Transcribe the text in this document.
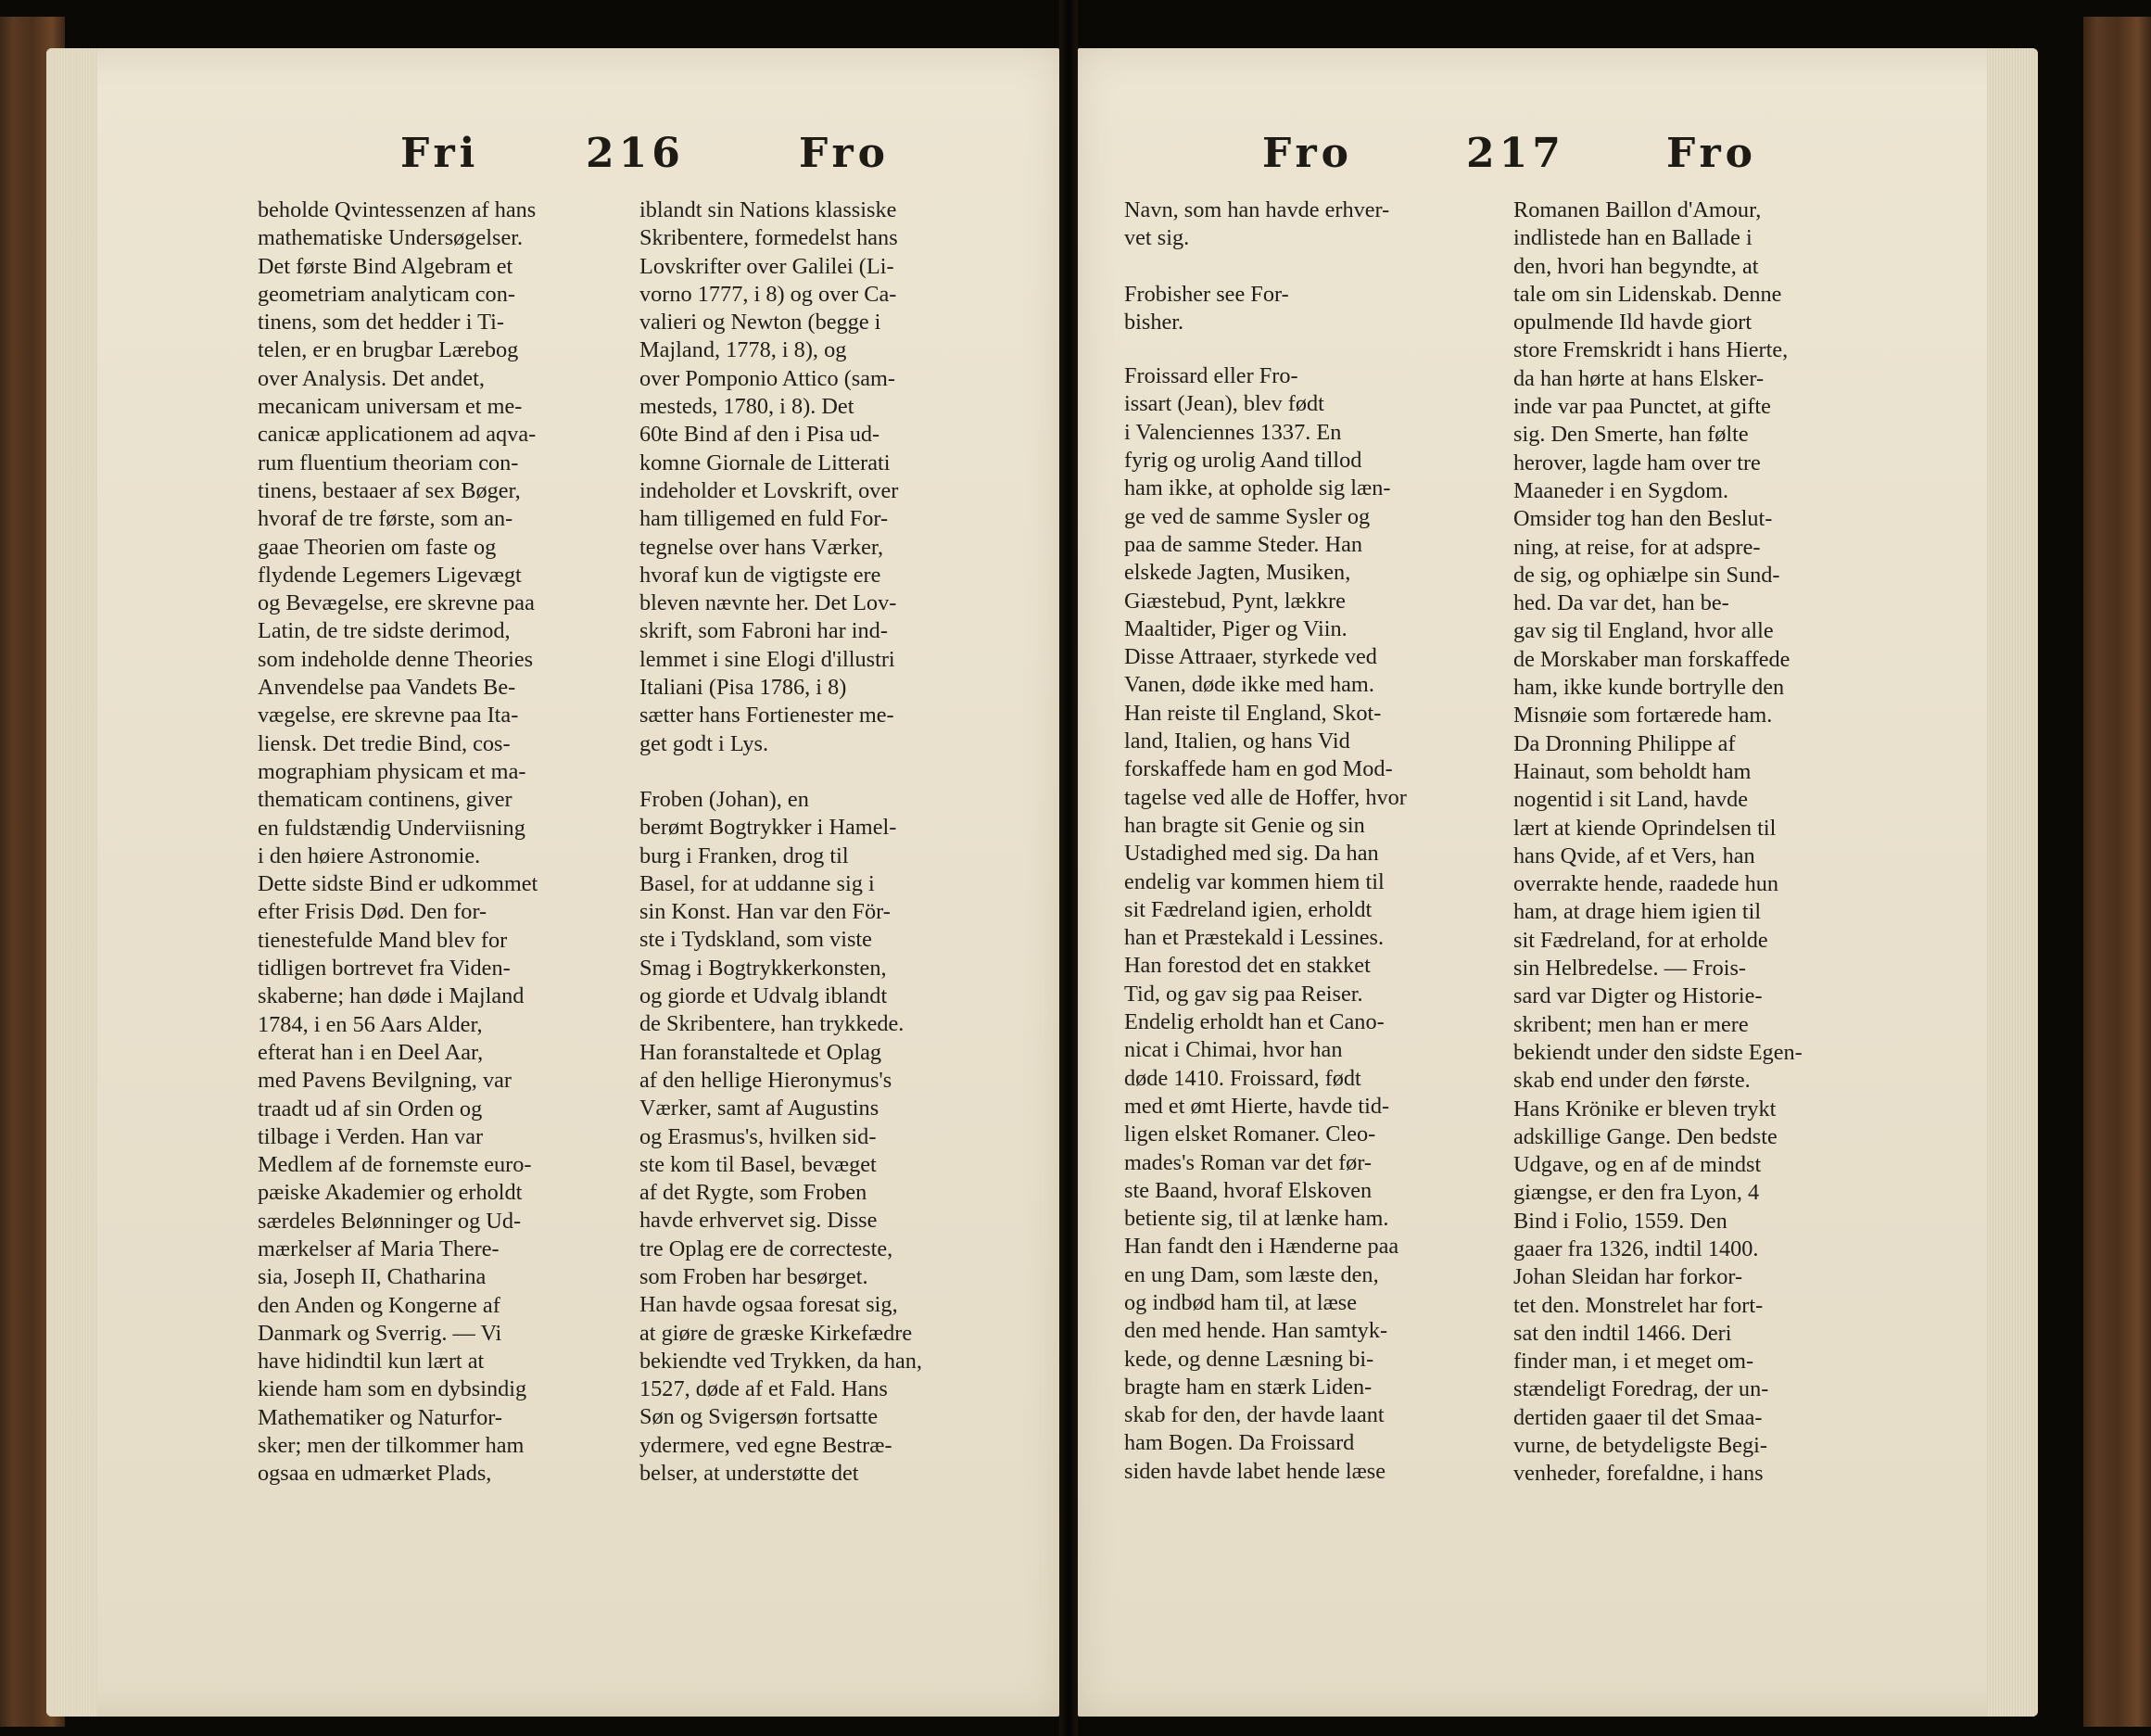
Fri	216	Fro	Fro	217 Fro
beholde Qvintessenzen af hans
mathematiske Undersøgelser.
Det første Bind Algebram et
geometriam analyticam con-
tinens, som det hedder i Ti-
telen, er en brugbar Lærebog
over Analysis. Det andet,
mecanicam universam et me-
canicæ applicationem ad aqva-
rum fluentium theoriam con-
tinens, bestaaer af sex Bøger,
hvoraf de tre første, som an-
gaae Theorien om faste og
flydende Legemers Ligevægt
og Bevægelse, ere skrevne paa
Latin, de tre sidste derimod,
som indeholde denne Theories
Anvendelse paa Vandets Be-
vægelse, ere skrevne paa Ita-
liensk. Det tredie Bind, cos-
mographiam physicam et ma-
thematicam continens, giver
en fuldstændig Underviisning
i den høiere Astronomie.
Dette sidste Bind er udkommet
efter Frisis Død. Den for-
tienestefulde Mand blev for
tidligen bortrevet fra Viden-
skaberne; han døde i Majland
1784, i en 56 Aars Alder,
efterat han i en Deel Aar,
med Pavens Bevilgning, var
traadt ud af sin Orden og
tilbage i Verden. Han var
Medlem af de fornemste euro-
pæiske Akademier og erholdt
særdeles Belønninger og Ud-
mærkelser af Maria There-
sia, Joseph II, Chatharina
den Anden og Kongerne af
Danmark og Sverrig. — Vi
have hidindtil kun lært at
kiende ham som en dybsindig
Mathematiker og Naturfor-
sker; men der tilkommer ham
ogsaa en udmærket Plads,
iblandt sin Nations klassiske
Skribentere, formedelst hans
Lovskrifter over Galilei (Li-
vorno 1777, i 8) og over Ca-
valieri og Newton (begge i
Majland, 1778, i 8), og
over Pomponio Attico (sam-
mesteds, 1780, i 8). Det
60te Bind af den i Pisa ud-
komne Giornale de Litterati
indeholder et Lovskrift, over
ham tilligemed en fuld For-
tegnelse over hans Værker,
hvoraf kun de vigtigste ere
bleven nævnte her. Det Lov-
skrift, som Fabroni har ind-
lemmet i sine Elogi d'illustri
Italiani (Pisa 1786, i 8)
sætter hans Fortienester me-
get godt i Lys.
Froben (Johan), en
berømt Bogtrykker i Hamel-
burg i Franken, drog til
Basel, for at uddanne sig i
sin Konst. Han var den För-
ste i Tydskland, som viste
Smag i Bogtrykkerkonsten,
og giorde et Udvalg iblandt
de Skribentere, han trykkede.
Han foranstaltede et Oplag
af den hellige Hieronymus's
Værker, samt af Augustins
og Erasmus's, hvilken sid-
ste kom til Basel, bevæget
af det Rygte, som Froben
havde erhvervet sig. Disse
tre Oplag ere de correcteste,
som Froben har besørget.
Han havde ogsaa foresat sig,
at giøre de græske Kirkefædre
bekiendte ved Trykken, da han,
1527, døde af et Fald. Hans
Søn og Svigersøn fortsatte
ydermere, ved egne Bestræ-
belser, at understøtte det
Navn, som han havde erhver-
vet sig.
Frobisher see For-
bisher.
Froissard eller Fro-
issart (Jean), blev født
i Valenciennes 1337. En
fyrig og urolig Aand tillod
ham ikke, at opholde sig læn-
ge ved de samme Sysler og
paa de samme Steder. Han
elskede Jagten, Musiken,
Giæstebud, Pynt, lækkre
Maaltider, Piger og Viin.
Disse Attraaer, styrkede ved
Vanen, døde ikke med ham.
Han reiste til England, Skot-
land, Italien, og hans Vid
forskaffede ham en god Mod-
tagelse ved alle de Hoffer, hvor
han bragte sit Genie og sin
Ustadighed med sig. Da han
endelig var kommen hiem til
sit Fædreland igien, erholdt
han et Præstekald i Lessines.
Han forestod det en stakket
Tid, og gav sig paa Reiser.
Endelig erholdt han et Cano-
nicat i Chimai, hvor han
døde 1410. Froissard, født
med et ømt Hierte, havde tid-
ligen elsket Romaner. Cleo-
mades's Roman var det før-
ste Baand, hvoraf Elskoven
betiente sig, til at lænke ham.
Han fandt den i Hænderne paa
en ung Dam, som læste den,
og indbød ham til, at læse
den med hende. Han samtyk-
kede, og denne Læsning bi-
bragte ham en stærk Liden-
skab for den, der havde laant
ham Bogen. Da Froissard
siden havde labet hende læse
Romanen Baillon d'Amour,
indlistede han en Ballade i
den, hvori han begyndte, at
tale om sin Lidenskab. Denne
opulmende Ild havde giort
store Fremskridt i hans Hierte,
da han hørte at hans Elsker-
inde var paa Punctet, at gifte
sig. Den Smerte, han følte
herover, lagde ham over tre
Maaneder i en Sygdom.
Omsider tog han den Beslut-
ning, at reise, for at adspre-
de sig, og ophiælpe sin Sund-
hed. Da var det, han be-
gav sig til England, hvor alle
de Morskaber man forskaffede
ham, ikke kunde bortrylle den
Misnøie som fortærede ham.
Da Dronning Philippe af
Hainaut, som beholdt ham
nogentid i sit Land, havde
lært at kiende Oprindelsen til
hans Qvide, af et Vers, han
overrakte hende, raadede hun
ham, at drage hiem igien til
sit Fædreland, for at erholde
sin Helbredelse. — Frois-
sard var Digter og Historie-
skribent; men han er mere
bekiendt under den sidste Egen-
skab end under den første.
Hans Krönike er bleven trykt
adskillige Gange. Den bedste
Udgave, og en af de mindst
giængse, er den fra Lyon, 4
Bind i Folio, 1559. Den
gaaer fra 1326, indtil 1400.
Johan Sleidan har forkor-
tet den. Monstrelet har fort-
sat den indtil 1466. Deri
finder man, i et meget om-
stændeligt Foredrag, der un-
dertiden gaaer til det Smaa-
vurne, de betydeligste Begi-
venheder, forefaldne, i hans
